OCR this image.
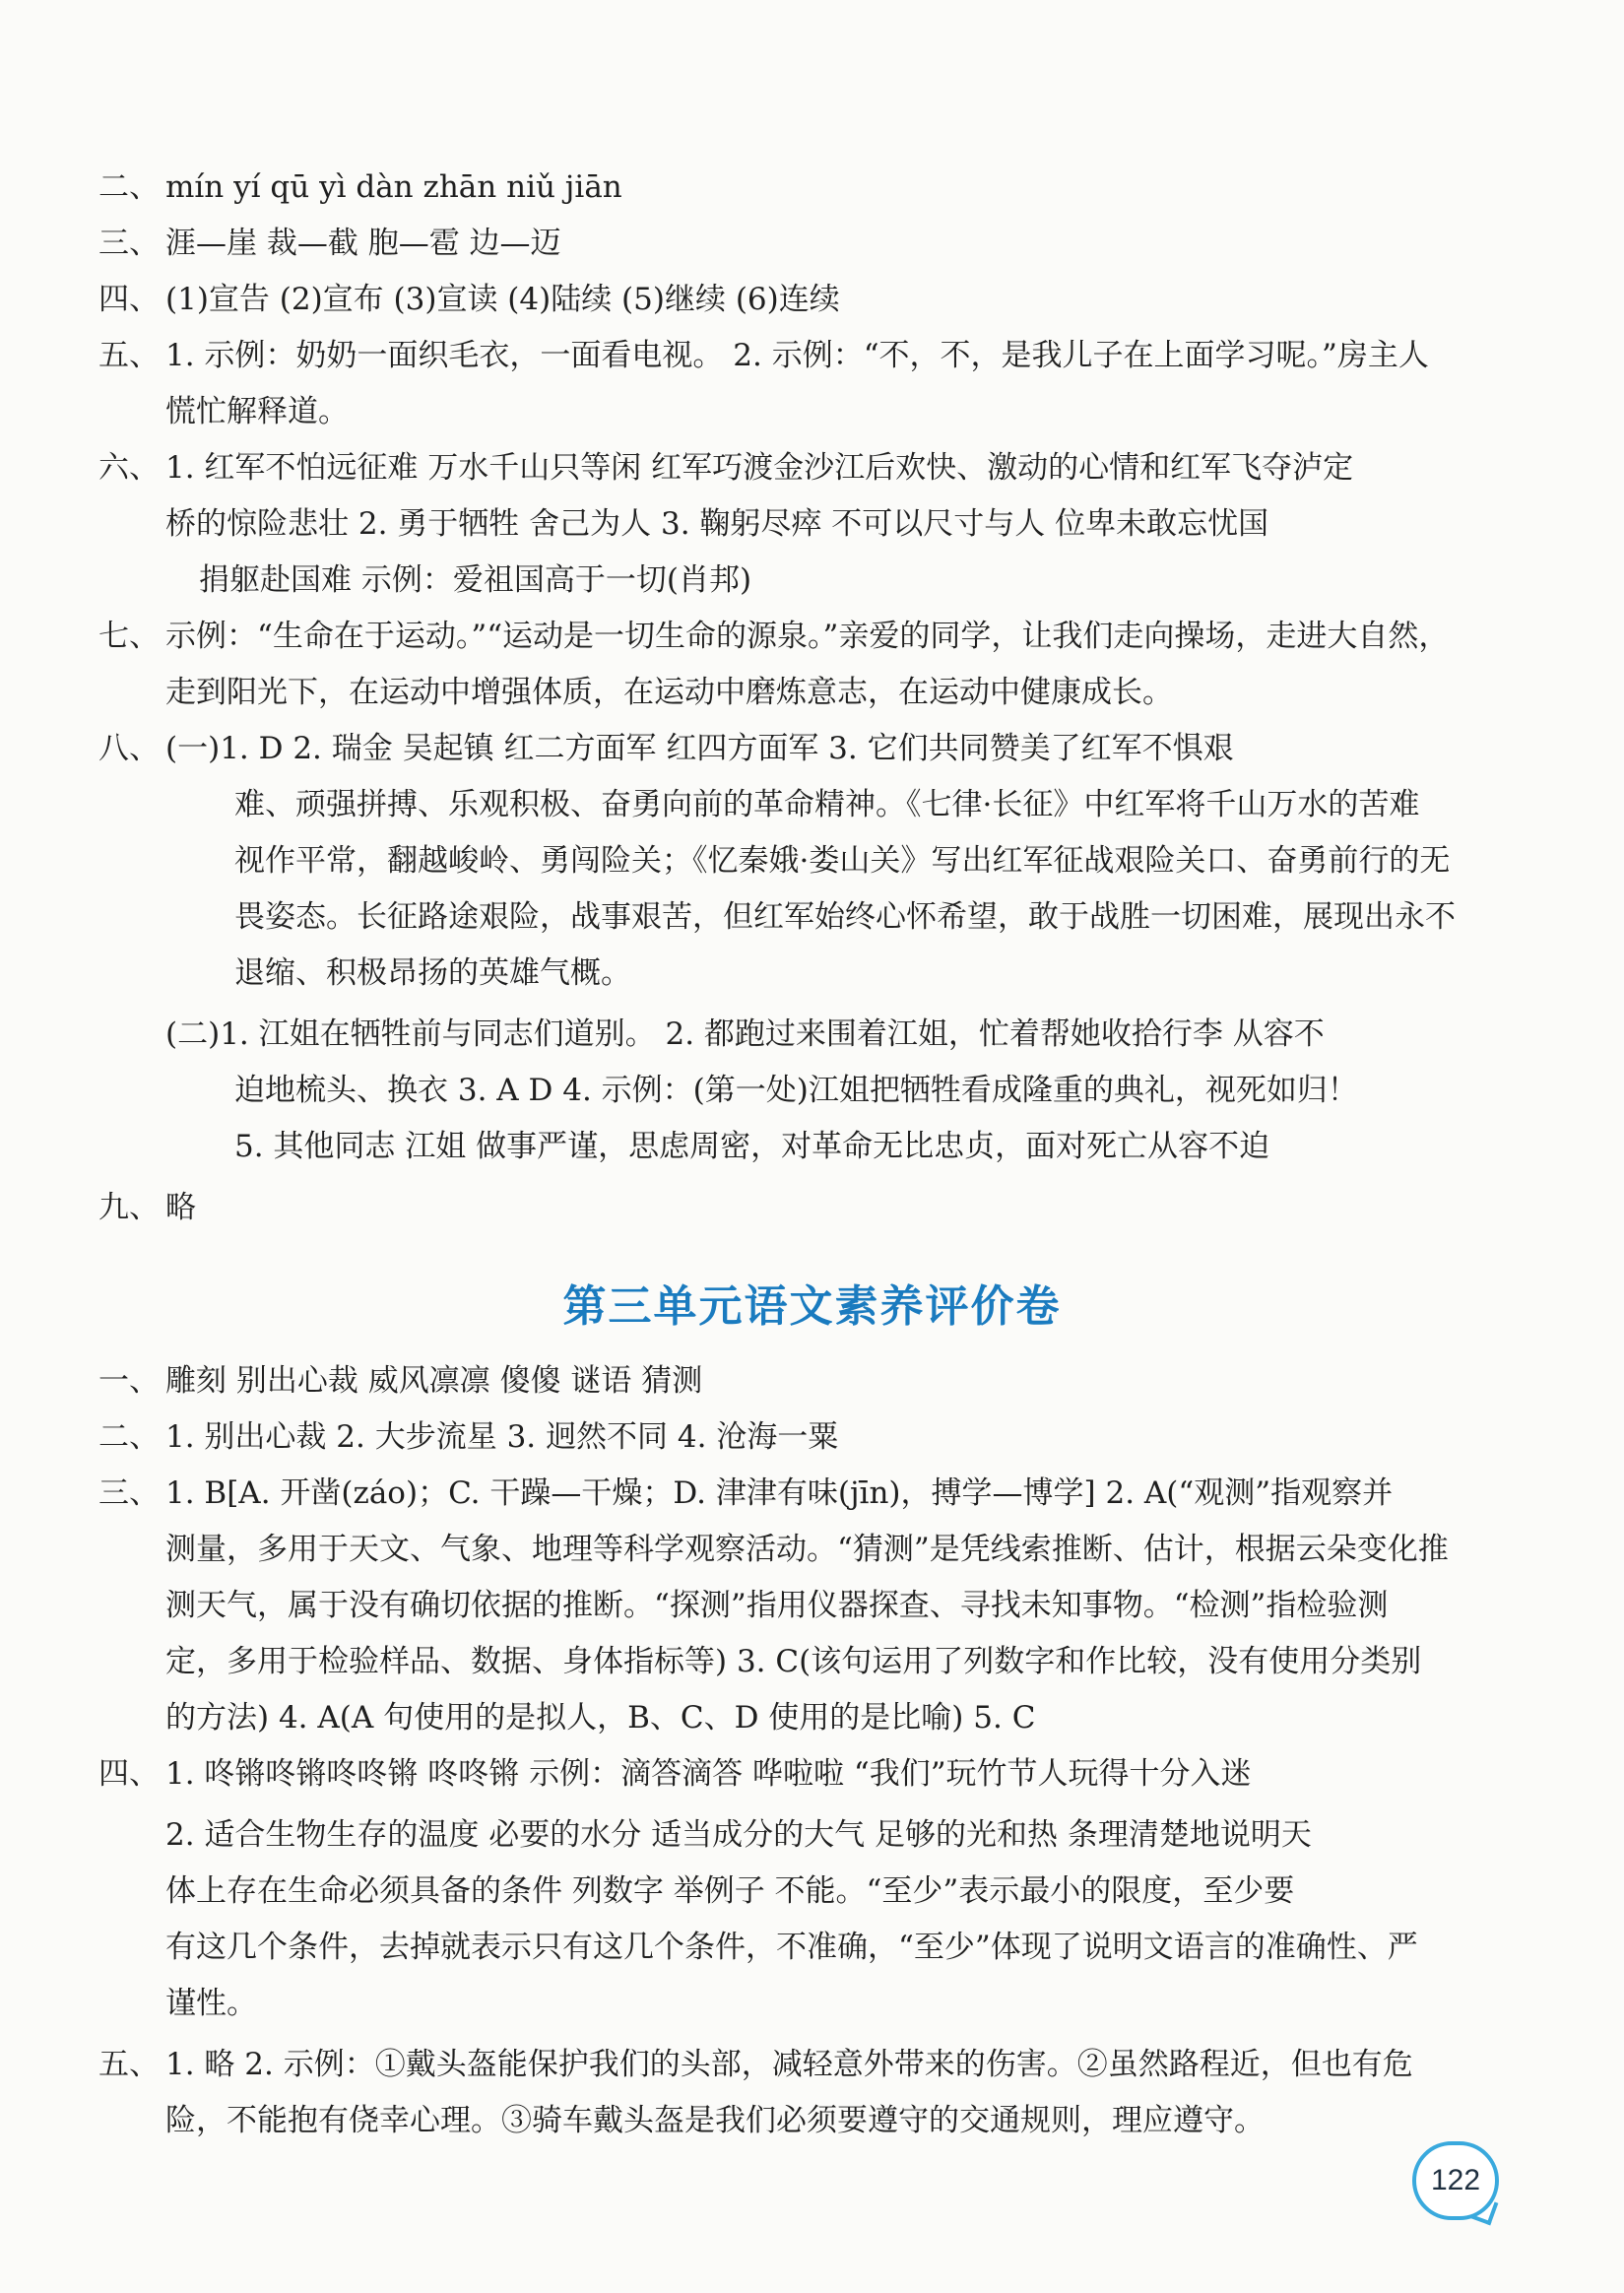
二、 mín yí qū yì dàn zhān niǔ jiān
三、 涯—崖 裁—截 胞—雹 边—迈
四、 (1)宣告 (2)宣布 (3)宣读 (4)陆续 (5)继续 (6)连续
五、 1. 示例：奶奶一面织毛衣，一面看电视。 2. 示例：“不，不，是我儿子在上面学习呢。”房主人
慌忙解释道。
六、 1. 红军不怕远征难 万水千山只等闲 红军巧渡金沙江后欢快、激动的心情和红军飞夺泸定
桥的惊险悲壮 2. 勇于牺牲 舍己为人 3. 鞠躬尽瘁 不可以尺寸与人 位卑未敢忘忧国
捐躯赴国难 示例：爱祖国高于一切(肖邦)
七、 示例：“生命在于运动。”“运动是一切生命的源泉。”亲爱的同学，让我们走向操场，走进大自然，
走到阳光下，在运动中增强体质，在运动中磨炼意志，在运动中健康成长。
八、 (一)1. D 2. 瑞金 吴起镇 红二方面军 红四方面军 3. 它们共同赞美了红军不惧艰
难、顽强拼搏、乐观积极、奋勇向前的革命精神。《七律·长征》中红军将千山万水的苦难
视作平常，翻越峻岭、勇闯险关；《忆秦娥·娄山关》写出红军征战艰险关口、奋勇前行的无
畏姿态。长征路途艰险，战事艰苦，但红军始终心怀希望，敢于战胜一切困难，展现出永不
退缩、积极昂扬的英雄气概。
(二)1. 江姐在牺牲前与同志们道别。 2. 都跑过来围着江姐，忙着帮她收拾行李 从容不
迫地梳头、换衣 3. A D 4. 示例：(第一处)江姐把牺牲看成隆重的典礼，视死如归！
5. 其他同志 江姐 做事严谨，思虑周密，对革命无比忠贞，面对死亡从容不迫
九、 略
第三单元语文素养评价卷
一、 雕刻 别出心裁 威风凛凛 傻傻 谜语 猜测
二、 1. 别出心裁 2. 大步流星 3. 迥然不同 4. 沧海一粟
三、 1. B[A. 开凿(záo)；C. 干躁—干燥；D. 津津有味(jīn)，搏学—博学] 2. A(“观测”指观察并
测量，多用于天文、气象、地理等科学观察活动。“猜测”是凭线索推断、估计，根据云朵变化推
测天气，属于没有确切依据的推断。“探测”指用仪器探查、寻找未知事物。“检测”指检验测
定，多用于检验样品、数据、身体指标等) 3. C(该句运用了列数字和作比较，没有使用分类别
的方法) 4. A(A 句使用的是拟人，B、C、D 使用的是比喻) 5. C
四、 1. 咚锵咚锵咚咚锵 咚咚锵 示例：滴答滴答 哗啦啦 “我们”玩竹节人玩得十分入迷
2. 适合生物生存的温度 必要的水分 适当成分的大气 足够的光和热 条理清楚地说明天
体上存在生命必须具备的条件 列数字 举例子 不能。“至少”表示最小的限度，至少要
有这几个条件，去掉就表示只有这几个条件，不准确，“至少”体现了说明文语言的准确性、严
谨性。
五、 1. 略 2. 示例：①戴头盔能保护我们的头部，减轻意外带来的伤害。②虽然路程近，但也有危
险，不能抱有侥幸心理。③骑车戴头盔是我们必须要遵守的交通规则，理应遵守。
122
